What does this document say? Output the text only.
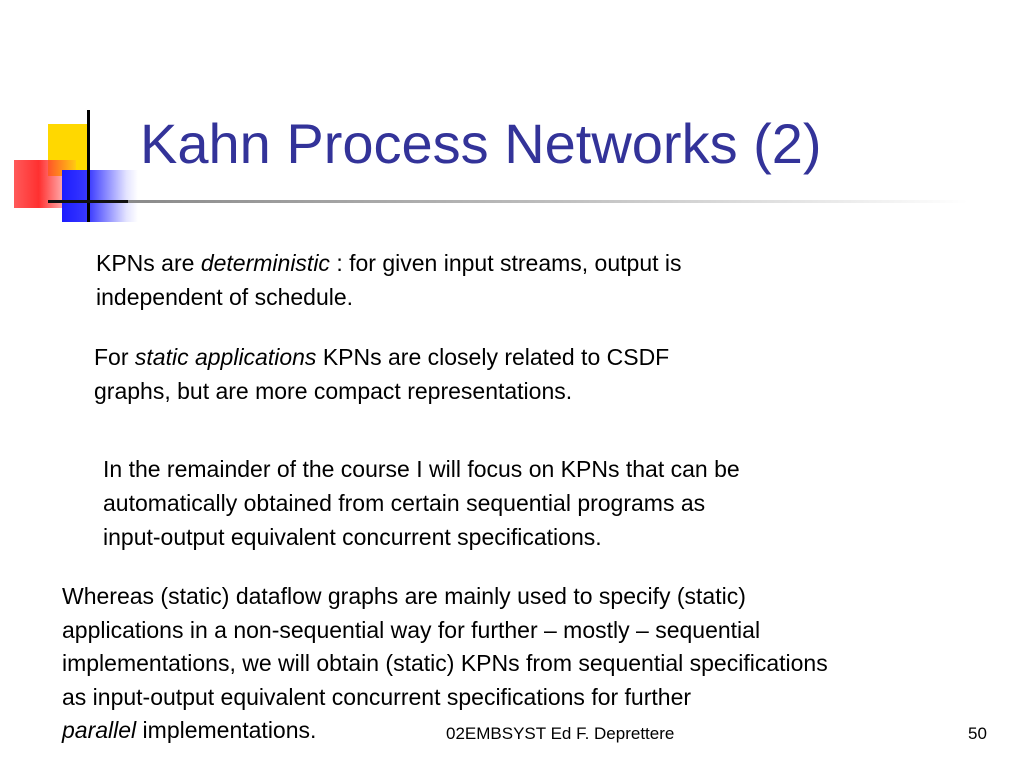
Kahn Process Networks (2)
KPNs are deterministic : for given input streams, output is
independent of schedule.
For static applications KPNs are closely related to CSDF
graphs, but are more compact representations.
In the remainder of the course I will focus on KPNs that can be
automatically obtained from certain sequential programs as
input-output equivalent concurrent specifications.
Whereas (static) dataflow graphs are mainly used to specify (static)
applications in a non-sequential way for further – mostly – sequential
implementations, we will obtain (static) KPNs from sequential specifications
as input-output equivalent concurrent specifications for further
parallel implementations.	02EMBSYST Ed F. Deprettere	50
